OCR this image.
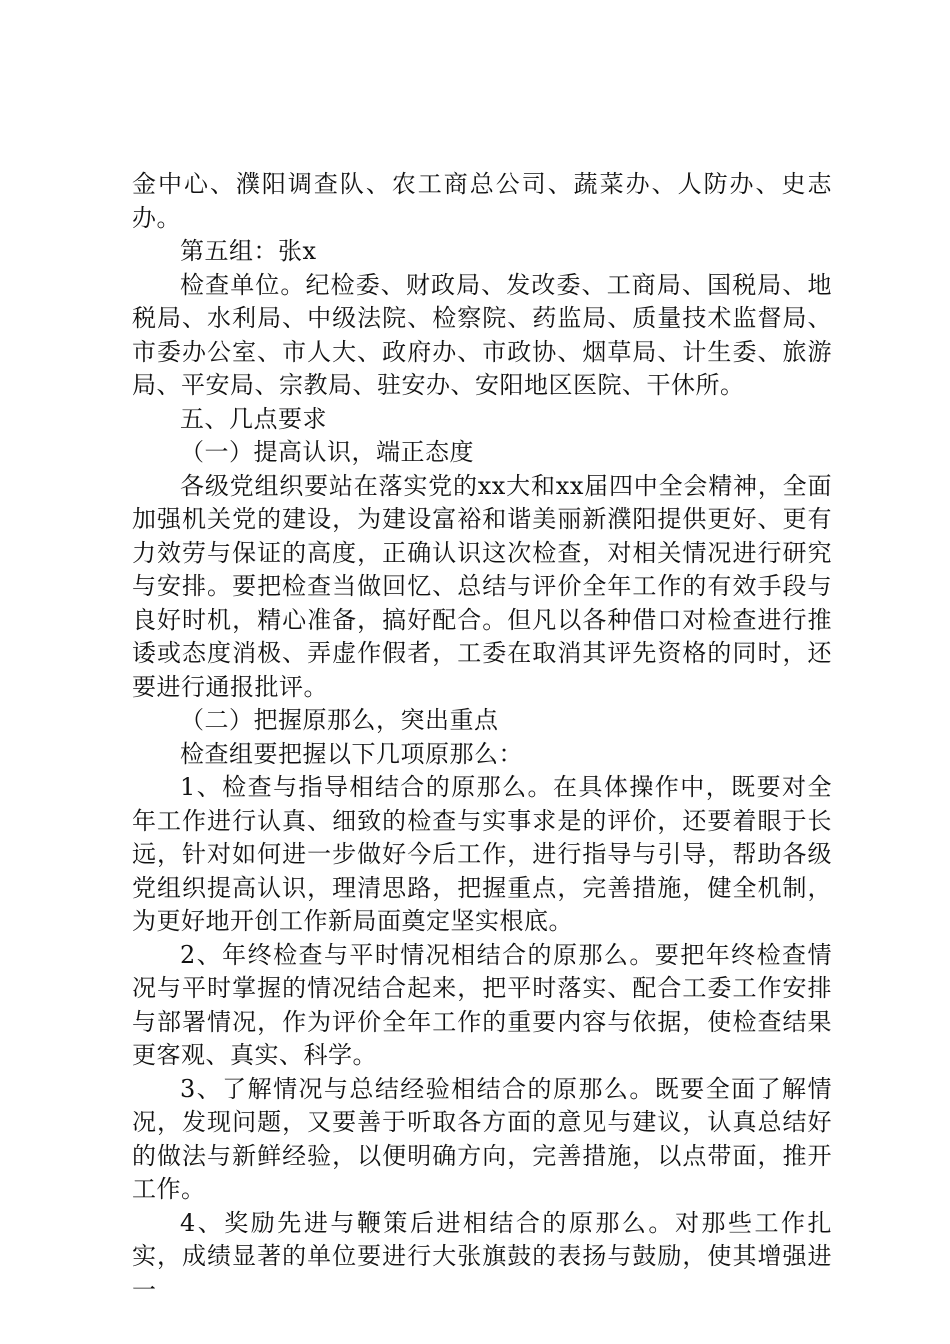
金中心、濮阳调查队、农工商总公司、蔬菜办、人防办、史志办。

第五组：张x

检查单位。纪检委、财政局、发改委、工商局、国税局、地税局、水利局、中级法院、检察院、药监局、质量技术监督局、市委办公室、市人大、政府办、市政协、烟草局、计生委、旅游局、平安局、宗教局、驻安办、安阳地区医院、干休所。

五、几点要求

（一）提高认识，端正态度

各级党组织要站在落实党的xx大和xx届四中全会精神，全面加强机关党的建设，为建设富裕和谐美丽新濮阳提供更好、更有力效劳与保证的高度，正确认识这次检查，对相关情况进行研究与安排。要把检查当做回忆、总结与评价全年工作的有效手段与良好时机，精心准备，搞好配合。但凡以各种借口对检查进行推诿或态度消极、弄虚作假者，工委在取消其评先资格的同时，还要进行通报批评。

（二）把握原那么，突出重点

检查组要把握以下几项原那么：

1、检查与指导相结合的原那么。在具体操作中，既要对全年工作进行认真、细致的检查与实事求是的评价，还要着眼于长远，针对如何进一步做好今后工作，进行指导与引导，帮助各级党组织提高认识，理清思路，把握重点，完善措施，健全机制，为更好地开创工作新局面奠定坚实根底。

2、年终检查与平时情况相结合的原那么。要把年终检查情况与平时掌握的情况结合起来，把平时落实、配合工委工作安排与部署情况，作为评价全年工作的重要内容与依据，使检查结果更客观、真实、科学。

3、了解情况与总结经验相结合的原那么。既要全面了解情况，发现问题，又要善于听取各方面的意见与建议，认真总结好的做法与新鲜经验，以便明确方向，完善措施，以点带面，推开工作。

4、奖励先进与鞭策后进相结合的原那么。对那些工作扎实，成绩显著的单位要进行大张旗鼓的表扬与鼓励，使其增强进一
